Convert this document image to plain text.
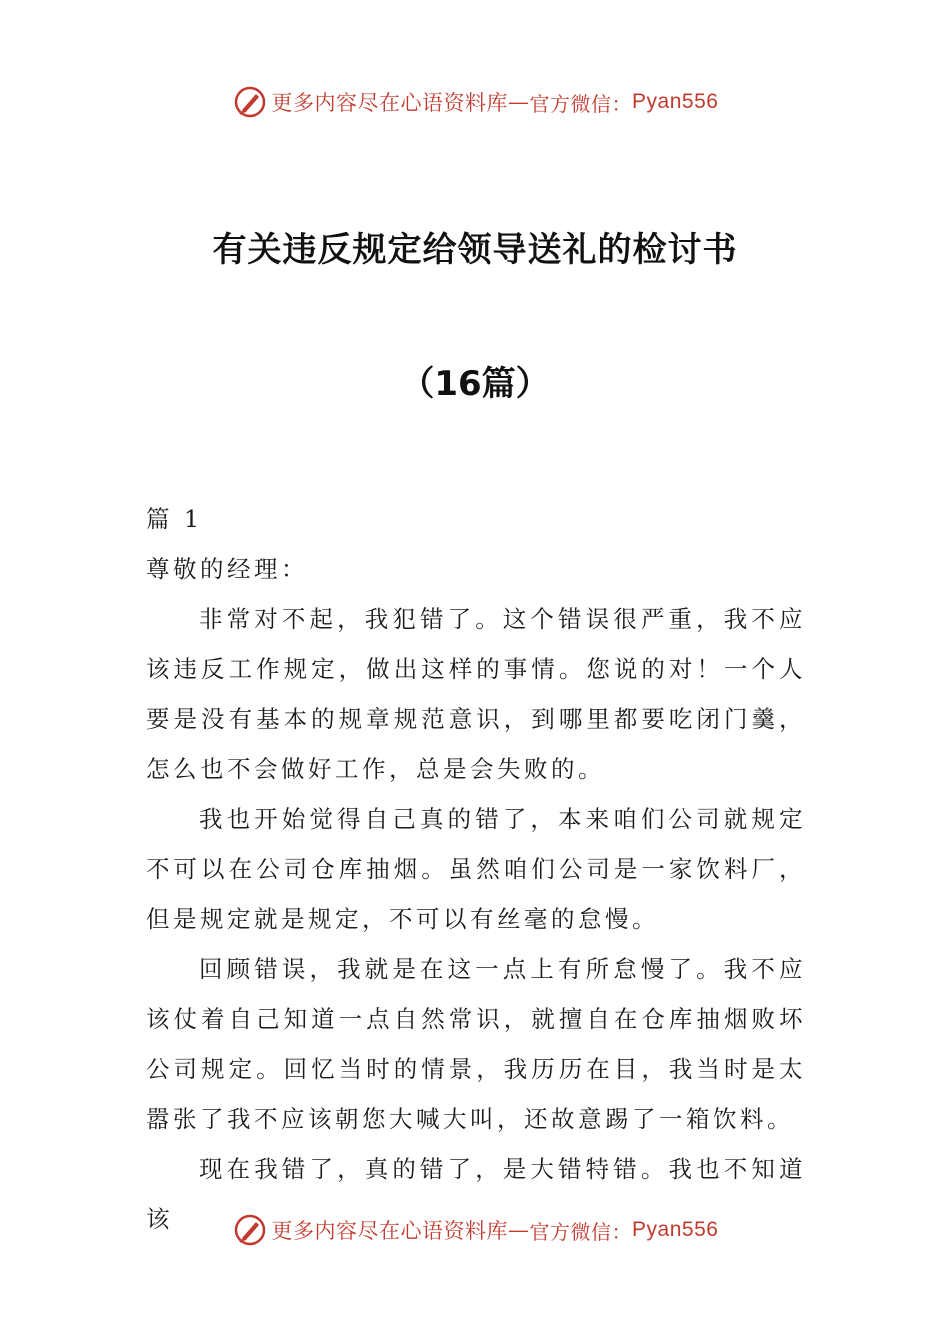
更多内容尽在心语资料库 — 官方微信： Pyan556
有关违反规定给领导送礼的检讨书
（16篇）

篇 1

尊敬的经理：

非常对不起，我犯错了。这个错误很严重，我不应该违反工作规定，做出这样的事情。您说的对！一个人要是没有基本的规章规范意识，到哪里都要吃闭门羹，怎么也不会做好工作，总是会失败的。

我也开始觉得自己真的错了，本来咱们公司就规定不可以在公司仓库抽烟。虽然咱们公司是一家饮料厂，但是规定就是规定，不可以有丝毫的怠慢。

回顾错误，我就是在这一点上有所怠慢了。我不应该仗着自己知道一点自然常识，就擅自在仓库抽烟败坏公司规定。回忆当时的情景，我历历在目，我当时是太嚣张了我不应该朝您大喊大叫，还故意踢了一箱饮料。

现在我错了，真的错了，是大错特错。我也不知道该	更多内容尽在心语资料库 — 官方微信： Pyan556
